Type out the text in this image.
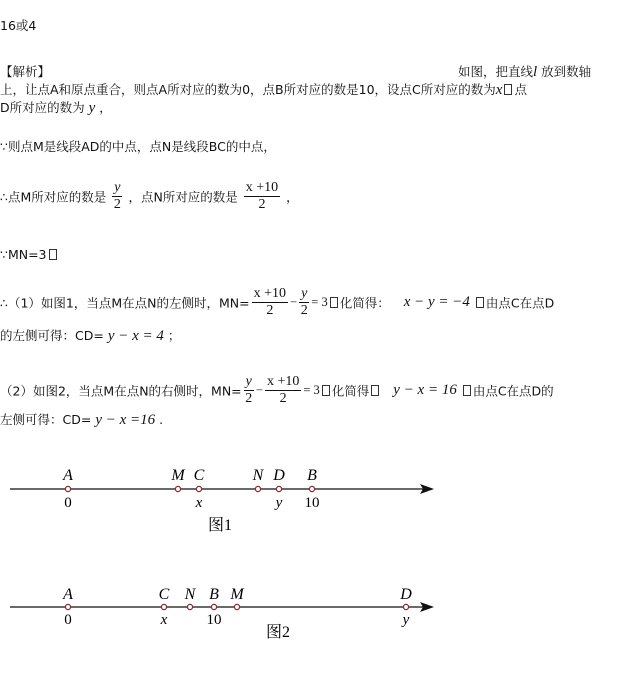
16或4
【解析】	如图，把直线l 放到数轴
上，让点A和原点重合，则点A所对应的数为0，点B所对应的数是10，设点C所对应的数为x 点
D所对应的数为 y ，
∵则点M是线段AD的中点，点N是线段BC的中点，
∴点M所对应的数是 $\frac{y}{2}$ ，点N所对应的数是 $\frac{x +10}{2}$ ，
∵MN=3
∴（1）如图1，当点M在点N的左侧时，$MN= \frac{x +10}{2} - \frac{y}{2} = 3$ 化简得： x − y = −4 由点C在点D
的左侧可得：CD= y − x = 4 ；
（2）如图2，当点M在点N的右侧时，$MN= \frac{y}{2} - \frac{x +10}{2} = 3$ 化简得 y − x = 16 由点C在点D的
左侧可得：CD= y − x =16 .
A
0
M C
x
N D
y
B
10
图1
A
0
C
x
N B
10
M	D
y
图2
